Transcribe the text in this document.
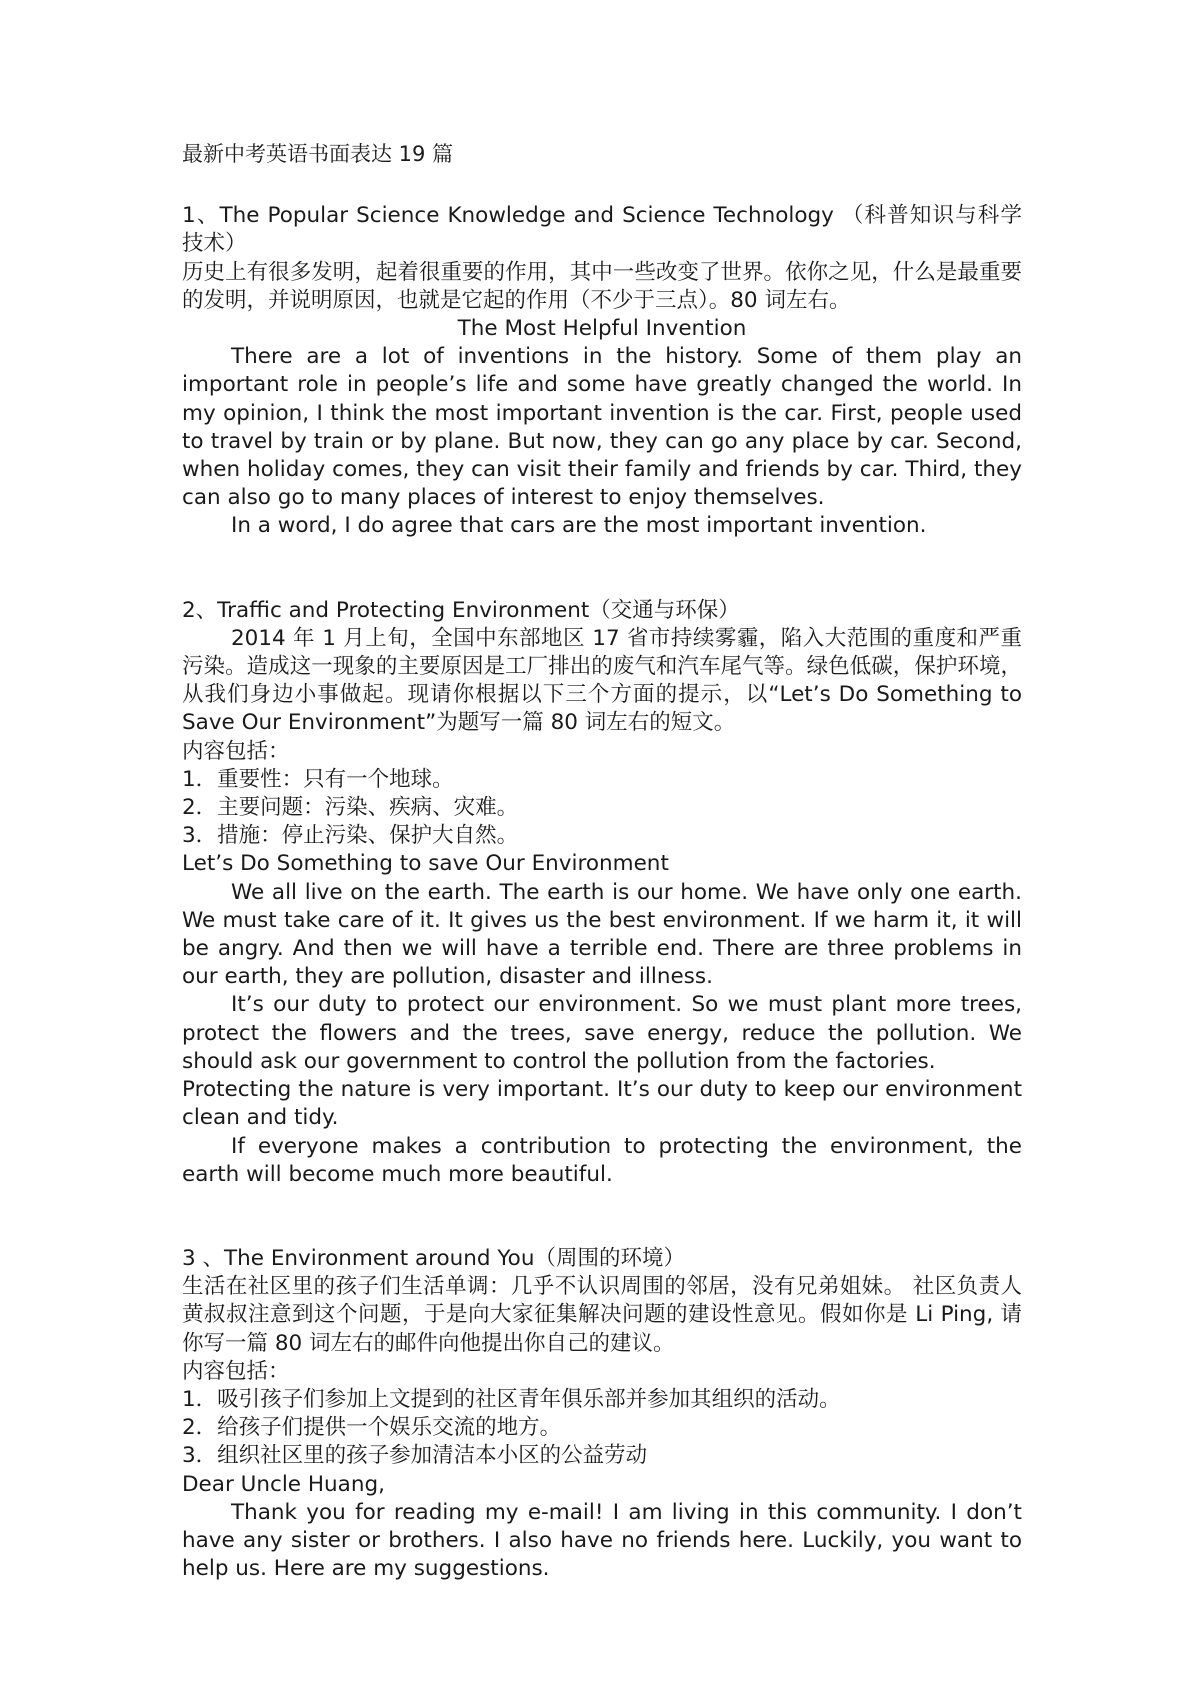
最新中考英语书面表达 19 篇

1、The Popular Science Knowledge and Science Technology （科普知识与科学技术）

历史上有很多发明，起着很重要的作用，其中一些改变了世界。依你之见，什么是最重要的发明，并说明原因，也就是它起的作用（不少于三点）。80 词左右。

The Most Helpful Invention

There are a lot of inventions in the history. Some of them play an important role in people’s life and some have greatly changed the world. In my opinion, I think the most important invention is the car. First, people used to travel by train or by plane. But now, they can go any place by car. Second, when holiday comes, they can visit their family and friends by car. Third, they can also go to many places of interest to enjoy themselves.

In a word, I do agree that cars are the most important invention.

2、Traffic and Protecting Environment（交通与环保）

2014 年 1 月上旬，全国中东部地区 17 省市持续雾霾，陷入大范围的重度和严重污染。造成这一现象的主要原因是工厂排出的废气和汽车尾气等。绿色低碳，保护环境，从我们身边小事做起。现请你根据以下三个方面的提示，以“Let’s Do Something to Save Our Environment”为题写一篇 80 词左右的短文。

内容包括：

1．重要性：只有一个地球。

2．主要问题：污染、疾病、灾难。

3．措施：停止污染、保护大自然。

Let’s Do Something to save Our Environment

We all live on the earth. The earth is our home. We have only one earth. We must take care of it. It gives us the best environment. If we harm it, it will be angry. And then we will have a terrible end. There are three problems in our earth, they are pollution, disaster and illness.

It’s our duty to protect our environment. So we must plant more trees, protect the flowers and the trees, save energy, reduce the pollution. We should ask our government to control the pollution from the factories.

Protecting the nature is very important. It’s our duty to keep our environment clean and tidy.

If everyone makes a contribution to protecting the environment, the earth will become much more beautiful.

3 、The Environment around You（周围的环境）

生活在社区里的孩子们生活单调：几乎不认识周围的邻居，没有兄弟姐妹。 社区负责人黄叔叔注意到这个问题，于是向大家征集解决问题的建设性意见。假如你是 Li Ping, 请你写一篇 80 词左右的邮件向他提出你自己的建议。

内容包括：

1．吸引孩子们参加上文提到的社区青年俱乐部并参加其组织的活动。

2．给孩子们提供一个娱乐交流的地方。

3．组织社区里的孩子参加清洁本小区的公益劳动

Dear Uncle Huang,

Thank you for reading my e-mail! I am living in this community. I don’t have any sister or brothers. I also have no friends here. Luckily, you want to help us. Here are my suggestions.
